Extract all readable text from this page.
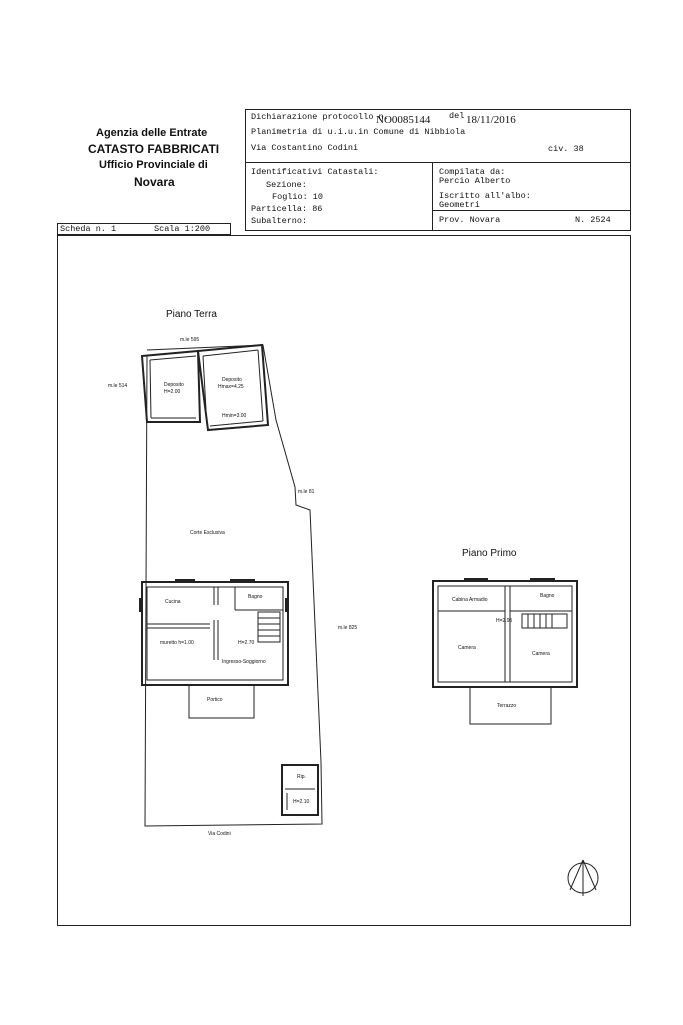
Agenzia delle Entrate
CATASTO FABBRICATI
Ufficio Provinciale di
Novara
Dichiarazione protocollo n.
NO0085144 del 18/11/2016
Planimetria di u.i.u.in Comune di Nibbiola
Via Costantino Codini	civ. 38
Identificativi Catastali:
Sezione:
Foglio: 10
Particella: 86
Subalterno:
Compilata da:
Percio Alberto
Iscritto all'albo:
Geometri
Prov. Novara	N. 2524
Scheda n. 1	Scala 1:200
Piano Terra
Piano Primo
m.le 595
m.le 514
m.le 81
m.le 825
Deposito
H=2.00
Deposito
Hmax=4.25
Hmin=3.00
Corte Esclusiva
Cucina
Bagno
muretto h=1.00	H=2.70
Ingresso-Soggiorno
Portico
Rip.
H=2.10
Via Codini
Cabina Armadio
Bagno
H=2.95
Camera
Camera
Terrazzo
